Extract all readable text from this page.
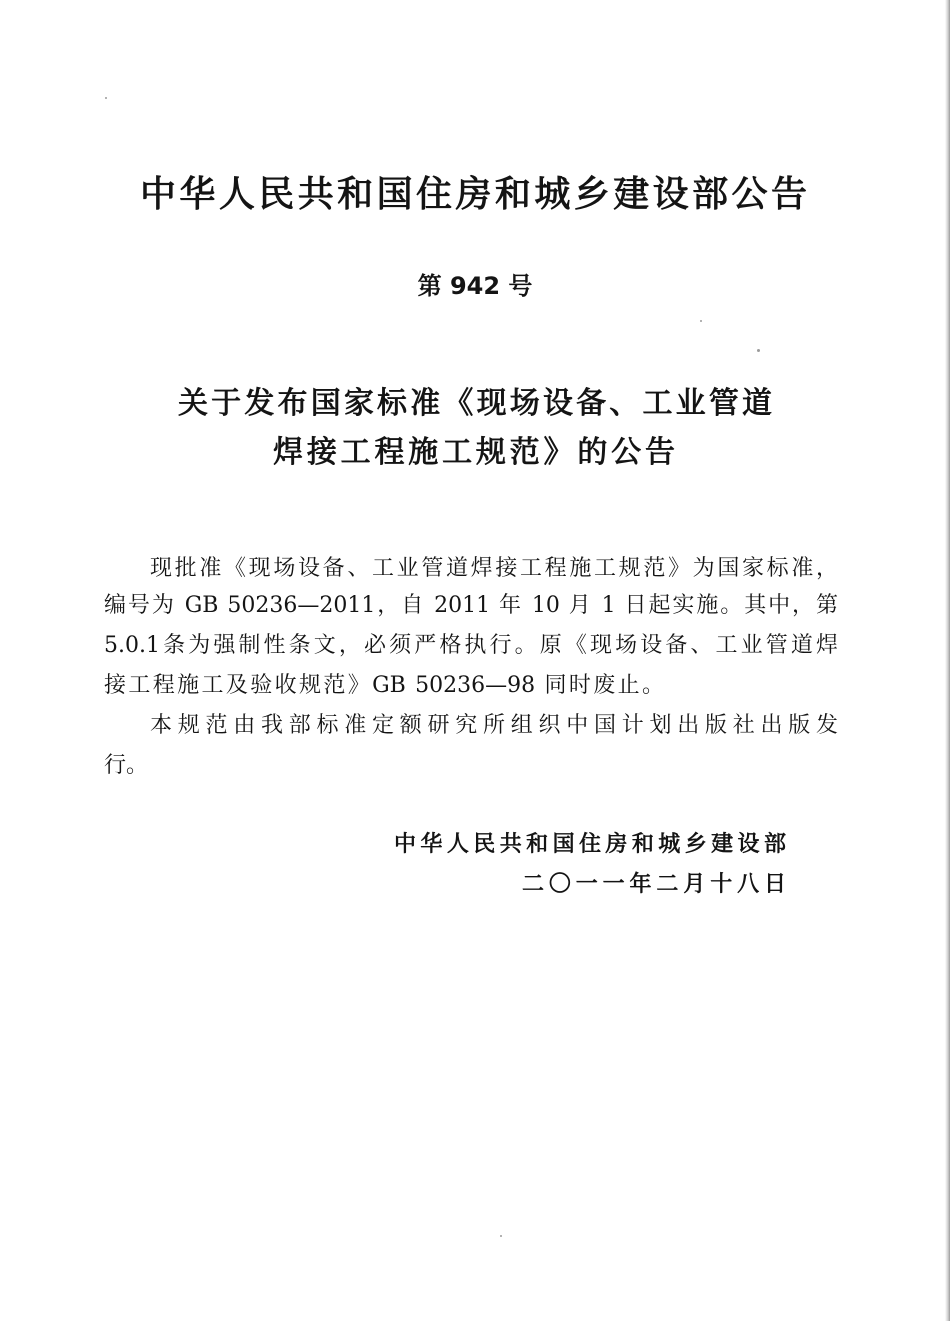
中华人民共和国住房和城乡建设部公告
第 942 号
关于发布国家标准《现场设备、工业管道
焊接工程施工规范》的公告

现批准《现场设备、工业管道焊接工程施工规范》为国家标准，

编号为 GB 50236—2011，自 2011 年 10 月 1 日起实施。其中，第

5.0.1条为强制性条文，必须严格执行。原《现场设备、工业管道焊

接工程施工及验收规范》GB 50236—98 同时废止。

本规范由我部标准定额研究所组织中国计划出版社出版发

行。

中华人民共和国住房和城乡建设部
二〇一一年二月十八日
